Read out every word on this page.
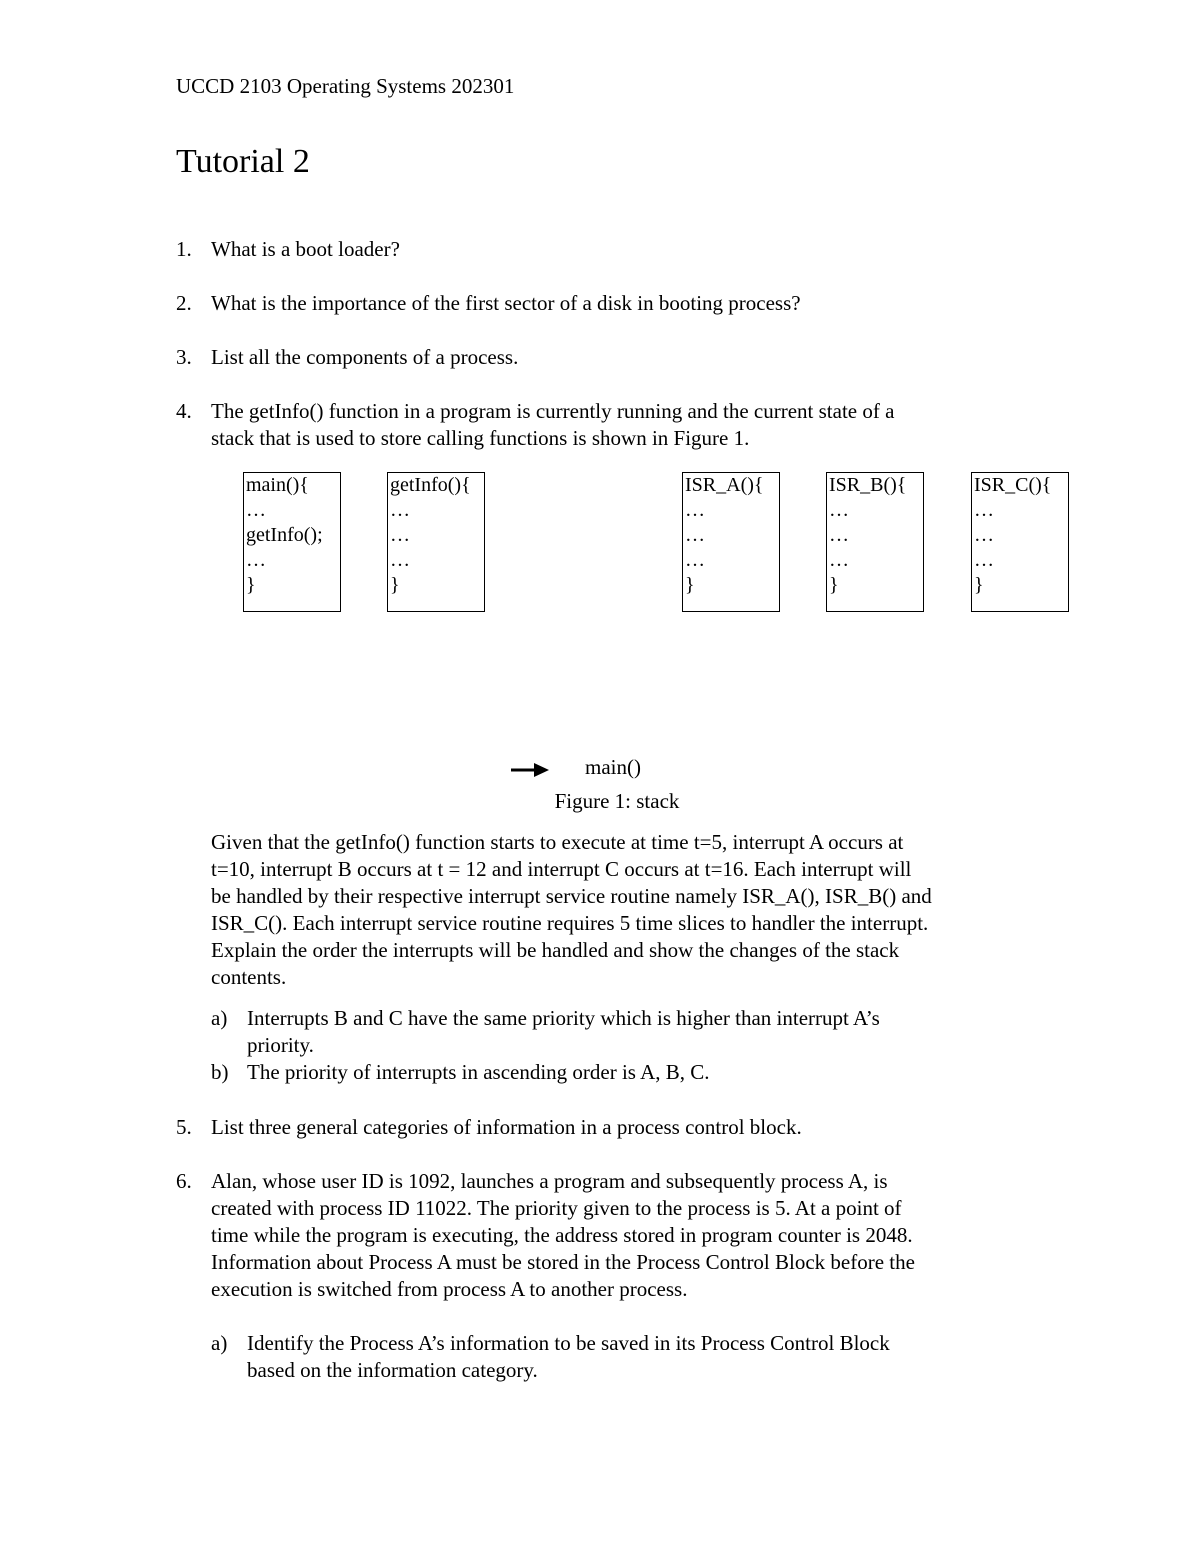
UCCD 2103 Operating Systems 202301
Tutorial 2
1. What is a boot loader?
2. What is the importance of the first sector of a disk in booting process?
3. List all the components of a process.
4. The getInfo() function in a program is currently running and the current state of a
stack that is used to store calling functions is shown in Figure 1.
main(){
…
getInfo();
…
}
getInfo(){
…
…
…
}
ISR_A(){
…
…
…
}
ISR_B(){
…
…
…
}
ISR_C(){
…
…
…
}
main()
Figure 1: stack
Given that the getInfo() function starts to execute at time t=5, interrupt A occurs at
t=10, interrupt B occurs at t = 12 and interrupt C occurs at t=16. Each interrupt will
be handled by their respective interrupt service routine namely ISR_A(), ISR_B() and
ISR_C(). Each interrupt service routine requires 5 time slices to handler the interrupt.
Explain the order the interrupts will be handled and show the changes of the stack
contents.
a) Interrupts B and C have the same priority which is higher than interrupt A’s
priority.
b) The priority of interrupts in ascending order is A, B, C.
5. List three general categories of information in a process control block.
6. Alan, whose user ID is 1092, launches a program and subsequently process A, is
created with process ID 11022. The priority given to the process is 5. At a point of
time while the program is executing, the address stored in program counter is 2048.
Information about Process A must be stored in the Process Control Block before the
execution is switched from process A to another process.
a) Identify the Process A’s information to be saved in its Process Control Block
based on the information category.
